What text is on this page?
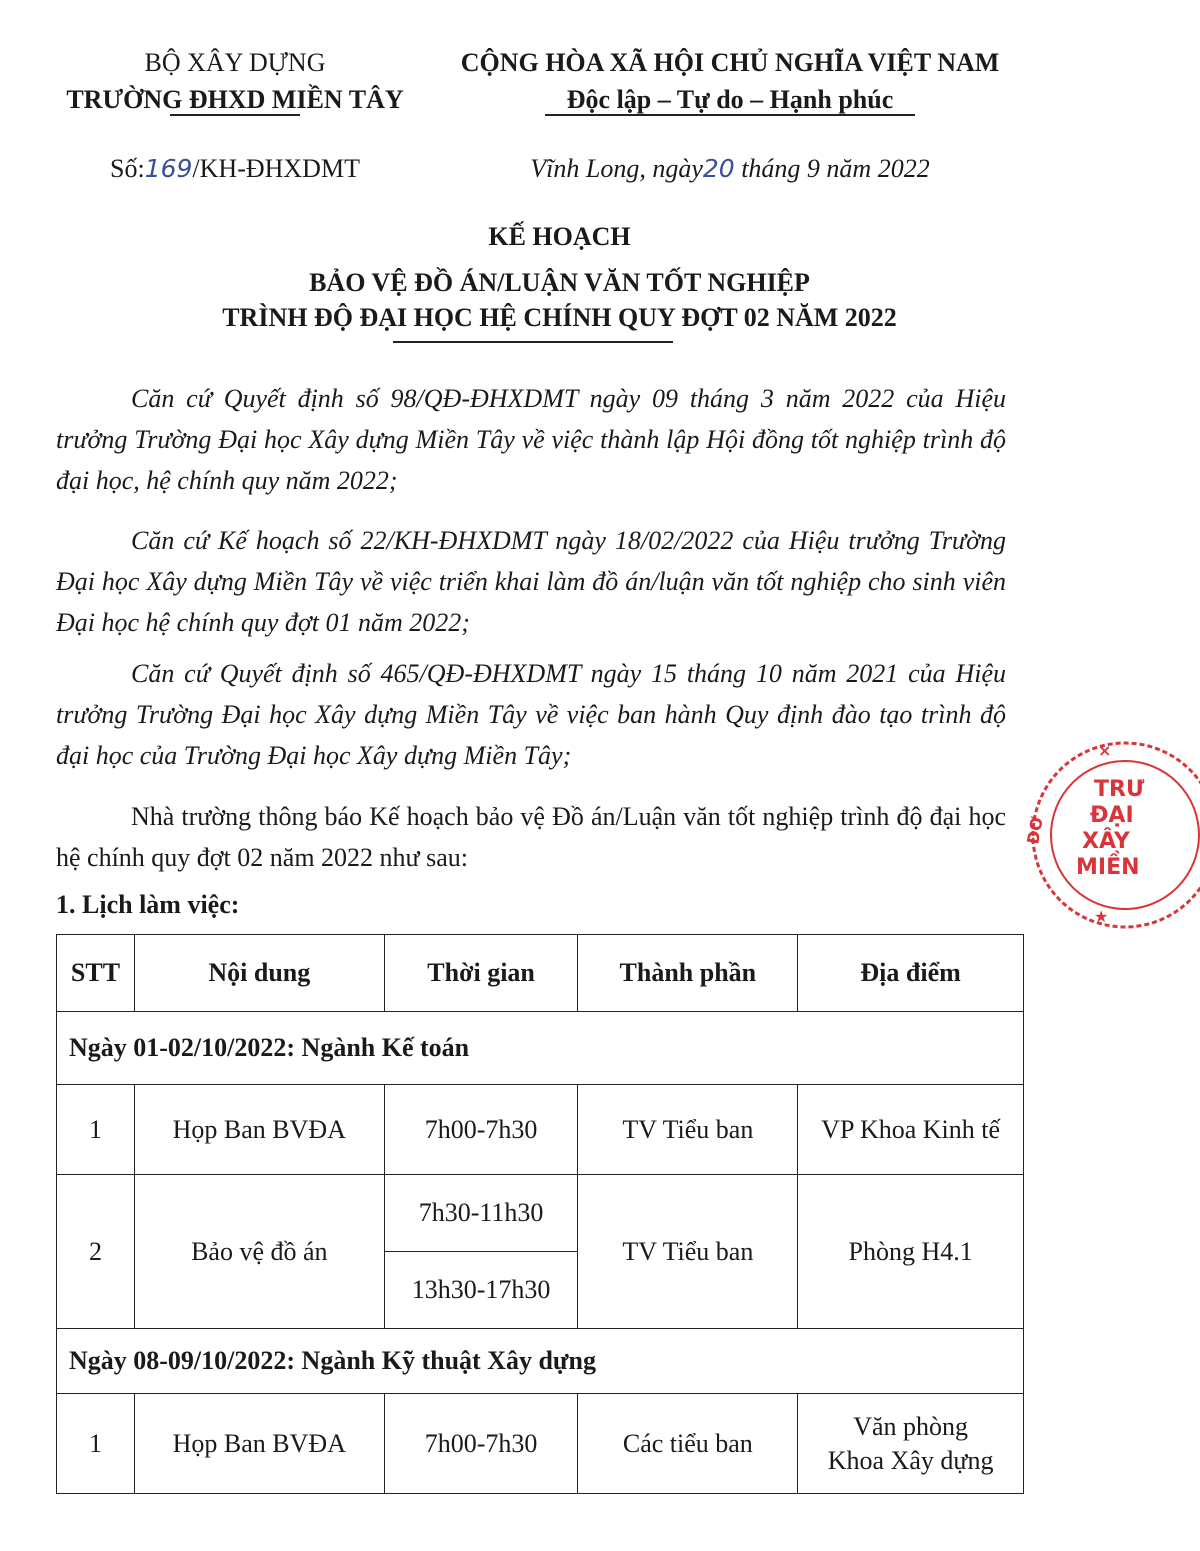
BỘ XÂY DỰNG
TRƯỜNG ĐHXD MIỀN TÂY
Số:169/KH-ĐHXDMT
CỘNG HÒA XÃ HỘI CHỦ NGHĨA VIỆT NAM
Độc lập – Tự do – Hạnh phúc
Vĩnh Long, ngày20 tháng 9 năm 2022
KẾ HOẠCH
BẢO VỆ ĐỒ ÁN/LUẬN VĂN TỐT NGHIỆP
TRÌNH ĐỘ ĐẠI HỌC HỆ CHÍNH QUY ĐỢT 02 NĂM 2022

Căn cứ Quyết định số 98/QĐ-ĐHXDMT ngày 09 tháng 3 năm 2022 của Hiệu trưởng Trường Đại học Xây dựng Miền Tây về việc thành lập Hội đồng tốt nghiệp trình độ đại học, hệ chính quy năm 2022;

Căn cứ Kế hoạch số 22/KH-ĐHXDMT ngày 18/02/2022 của Hiệu trưởng Trường Đại học Xây dựng Miền Tây về việc triển khai làm đồ án/luận văn tốt nghiệp cho sinh viên Đại học hệ chính quy đợt 01 năm 2022;

Căn cứ Quyết định số 465/QĐ-ĐHXDMT ngày 15 tháng 10 năm 2021 của Hiệu trưởng Trường Đại học Xây dựng Miền Tây về việc ban hành Quy định đào tạo trình độ đại học của Trường Đại học Xây dựng Miền Tây;

Nhà trường thông báo Kế hoạch bảo vệ Đồ án/Luận văn tốt nghiệp trình độ đại học hệ chính quy đợt 02 năm 2022 như sau:

1. Lịch làm việc:
STT	Nội dung	Thời gian	Thành phần	Địa điểm
Ngày 01-02/10/2022: Ngành Kế toán				
1	Họp Ban BVĐA	7h00-7h30	TV Tiểu ban	VP Khoa Kinh tế
2	Bảo vệ đồ án	7h30-11h30	TV Tiểu ban	Phòng H4.1
		13h30-17h30		
Ngày 08-09/10/2022: Ngành Kỹ thuật Xây dựng				
1	Họp Ban BVĐA	7h00-7h30	Các tiểu ban	Văn phòng
Khoa Xây dựng
ĐƠ
TRƯ
ĐẠI
XÂY
MIỀN
×
★
